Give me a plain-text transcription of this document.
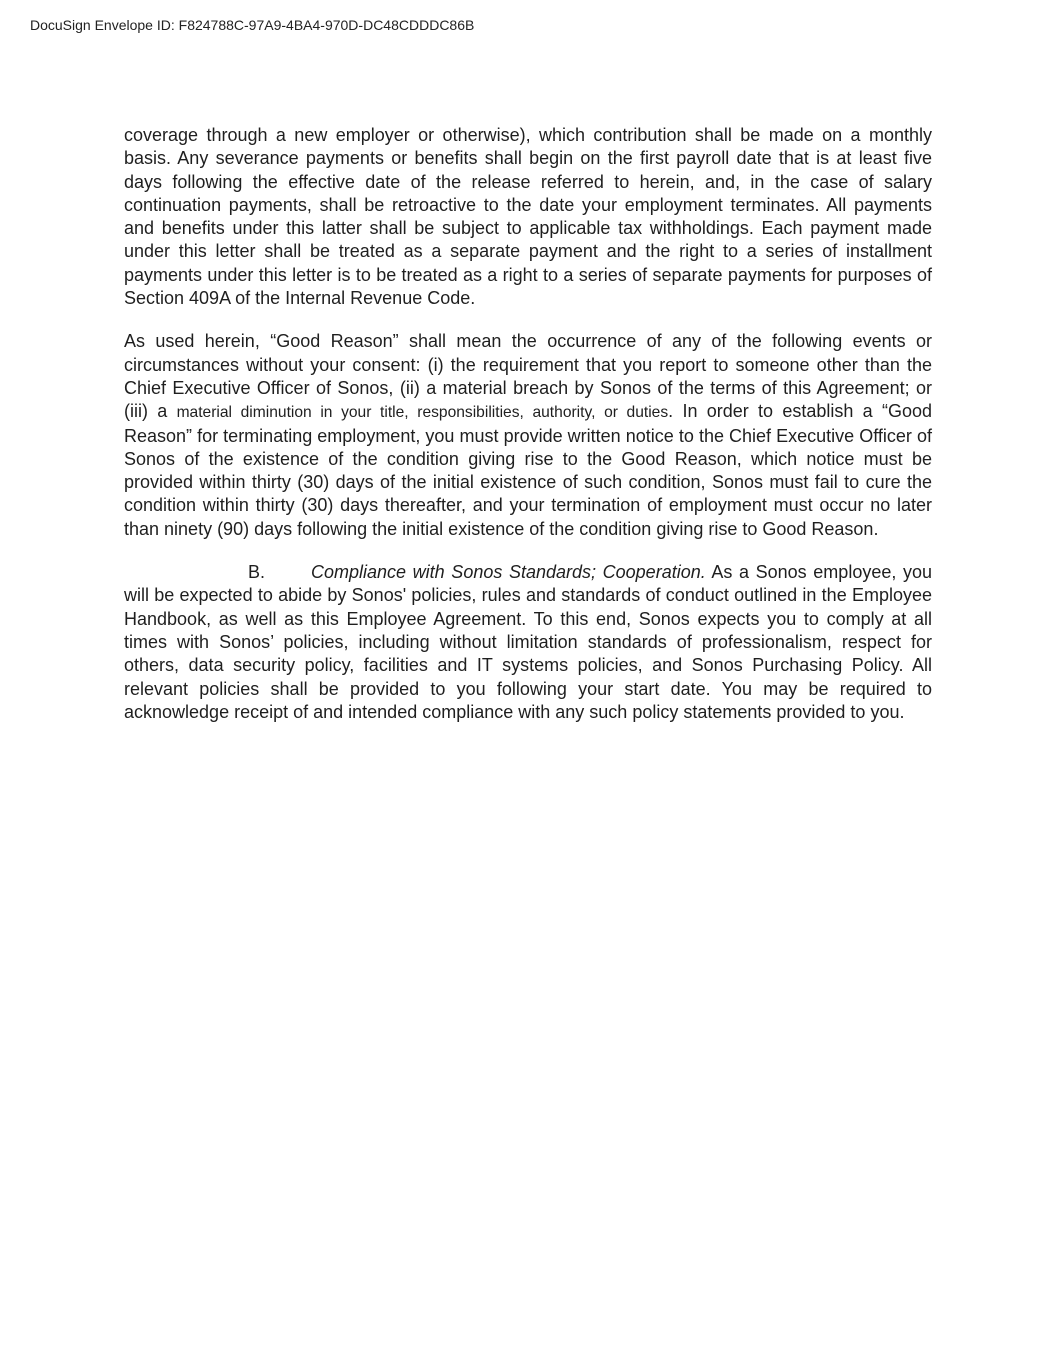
DocuSign Envelope ID: F824788C-97A9-4BA4-970D-DC48CDDDC86B

coverage through a new employer or otherwise), which contribution shall be made on a monthly basis. Any severance payments or benefits shall begin on the first payroll date that is at least five days following the effective date of the release referred to herein, and, in the case of salary continuation payments, shall be retroactive to the date your employment terminates. All payments and benefits under this latter shall be subject to applicable tax withholdings. Each payment made under this letter shall be treated as a separate payment and the right to a series of installment payments under this letter is to be treated as a right to a series of separate payments for purposes of Section 409A of the Internal Revenue Code.

As used herein, “Good Reason” shall mean the occurrence of any of the following events or circumstances without your consent: (i) the requirement that you report to someone other than the Chief Executive Officer of Sonos, (ii) a material breach by Sonos of the terms of this Agreement; or (iii) a material diminution in your title, responsibilities, authority, or duties. In order to establish a “Good Reason” for terminating employment, you must provide written notice to the Chief Executive Officer of Sonos of the existence of the condition giving rise to the Good Reason, which notice must be provided within thirty (30) days of the initial existence of such condition, Sonos must fail to cure the condition within thirty (30) days thereafter, and your termination of employment must occur no later than ninety (90) days following the initial existence of the condition giving rise to Good Reason.

B.	Compliance with Sonos Standards; Cooperation. As a Sonos employee, you will be expected to abide by Sonos' policies, rules and standards of conduct outlined in the Employee Handbook, as well as this Employee Agreement. To this end, Sonos expects you to comply at all times with Sonos’ policies, including without limitation standards of professionalism, respect for others, data security policy, facilities and IT systems policies, and Sonos Purchasing Policy. All relevant policies shall be provided to you following your start date. You may be required to acknowledge receipt of and intended compliance with any such policy statements provided to you.
